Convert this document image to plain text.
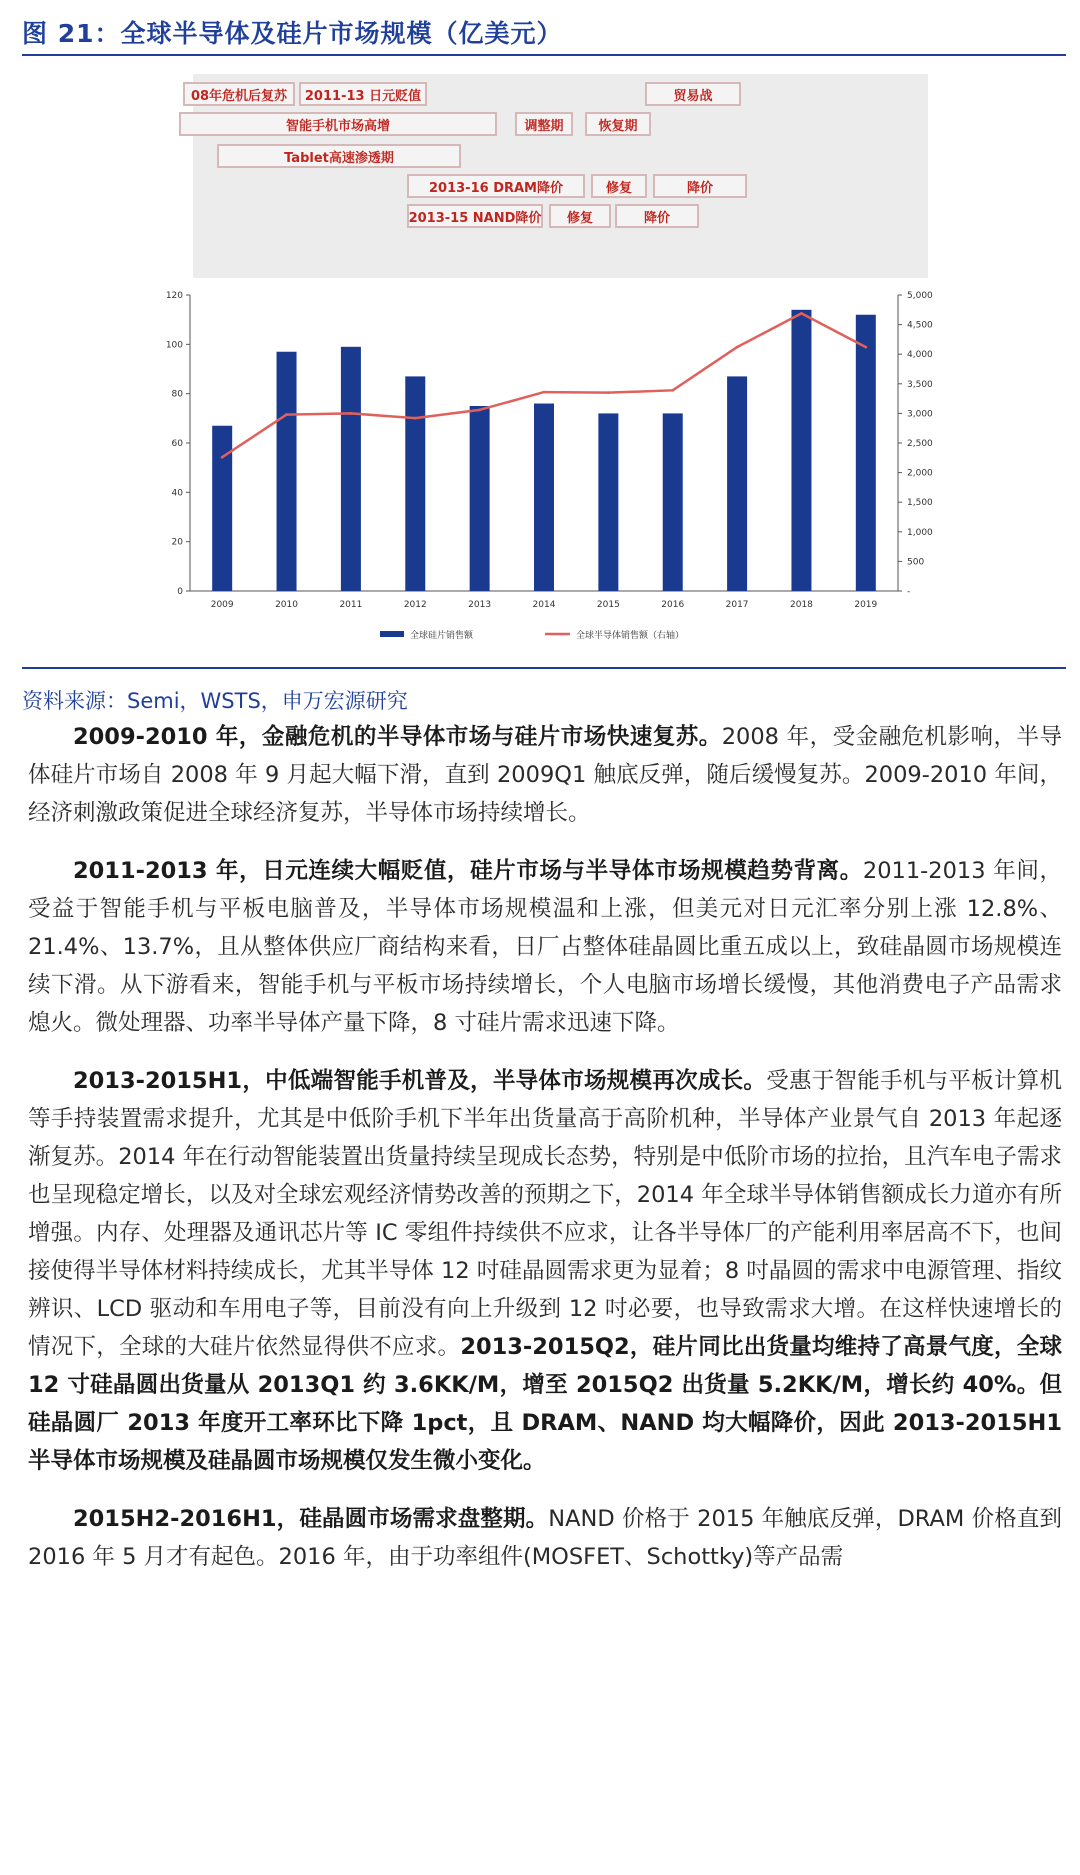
图 21：全球半导体及硅片市场规模（亿美元）
08年危机后复苏	2011-13 日元贬值	贸易战
智能手机市场高增	调整期	恢复期
Tablet高速渗透期
2013-16 DRAM降价	修复	降价
2013-15 NAND降价	修复	降价
0
20
40
60
80
100
120
-
500
1,000
1,500
2,000
2,500
3,000
3,500
4,000
4,500
5,000
2009	2010	2011	2012	2013	2014	2015	2016	2017	2018	2019
全球硅片销售额	全球半导体销售额（右轴）
资料来源：Semi，WSTS，申万宏源研究

2009-2010 年，金融危机的半导体市场与硅片市场快速复苏。2008 年，受金融危机影响，半导体硅片市场自 2008 年 9 月起大幅下滑，直到 2009Q1 触底反弹，随后缓慢复苏。2009-2010 年间，经济刺激政策促进全球经济复苏，半导体市场持续增长。

2011-2013 年，日元连续大幅贬值，硅片市场与半导体市场规模趋势背离。2011-2013 年间，受益于智能手机与平板电脑普及，半导体市场规模温和上涨，但美元对日元汇率分别上涨 12.8%、21.4%、13.7%，且从整体供应厂商结构来看，日厂占整体硅晶圆比重五成以上，致硅晶圆市场规模连续下滑。从下游看来，智能手机与平板市场持续增长，个人电脑市场增长缓慢，其他消费电子产品需求熄火。微处理器、功率半导体产量下降，8 寸硅片需求迅速下降。

2013-2015H1，中低端智能手机普及，半导体市场规模再次成长。受惠于智能手机与平板计算机等手持装置需求提升，尤其是中低阶手机下半年出货量高于高阶机种，半导体产业景气自 2013 年起逐渐复苏。2014 年在行动智能装置出货量持续呈现成长态势，特别是中低阶市场的拉抬，且汽车电子需求也呈现稳定增长，以及对全球宏观经济情势改善的预期之下，2014 年全球半导体销售额成长力道亦有所增强。内存、处理器及通讯芯片等 IC 零组件持续供不应求，让各半导体厂的产能利用率居高不下，也间接使得半导体材料持续成长，尤其半导体 12 吋硅晶圆需求更为显着；8 吋晶圆的需求中电源管理、指纹辨识、LCD 驱动和车用电子等，目前没有向上升级到 12 吋必要，也导致需求大增。在这样快速增长的情况下，全球的大硅片依然显得供不应求。2013-2015Q2，硅片同比出货量均维持了高景气度，全球 12 寸硅晶圆出货量从 2013Q1 约 3.6KK/M，增至 2015Q2 出货量 5.2KK/M，增长约 40%。但硅晶圆厂 2013 年度开工率环比下降 1pct，且 DRAM、NAND 均大幅降价，因此 2013-2015H1 半导体市场规模及硅晶圆市场规模仅发生微小变化。

2015H2-2016H1，硅晶圆市场需求盘整期。NAND 价格于 2015 年触底反弹，DRAM 价格直到 2016 年 5 月才有起色。2016 年，由于功率组件(MOSFET、Schottky)等产品需
